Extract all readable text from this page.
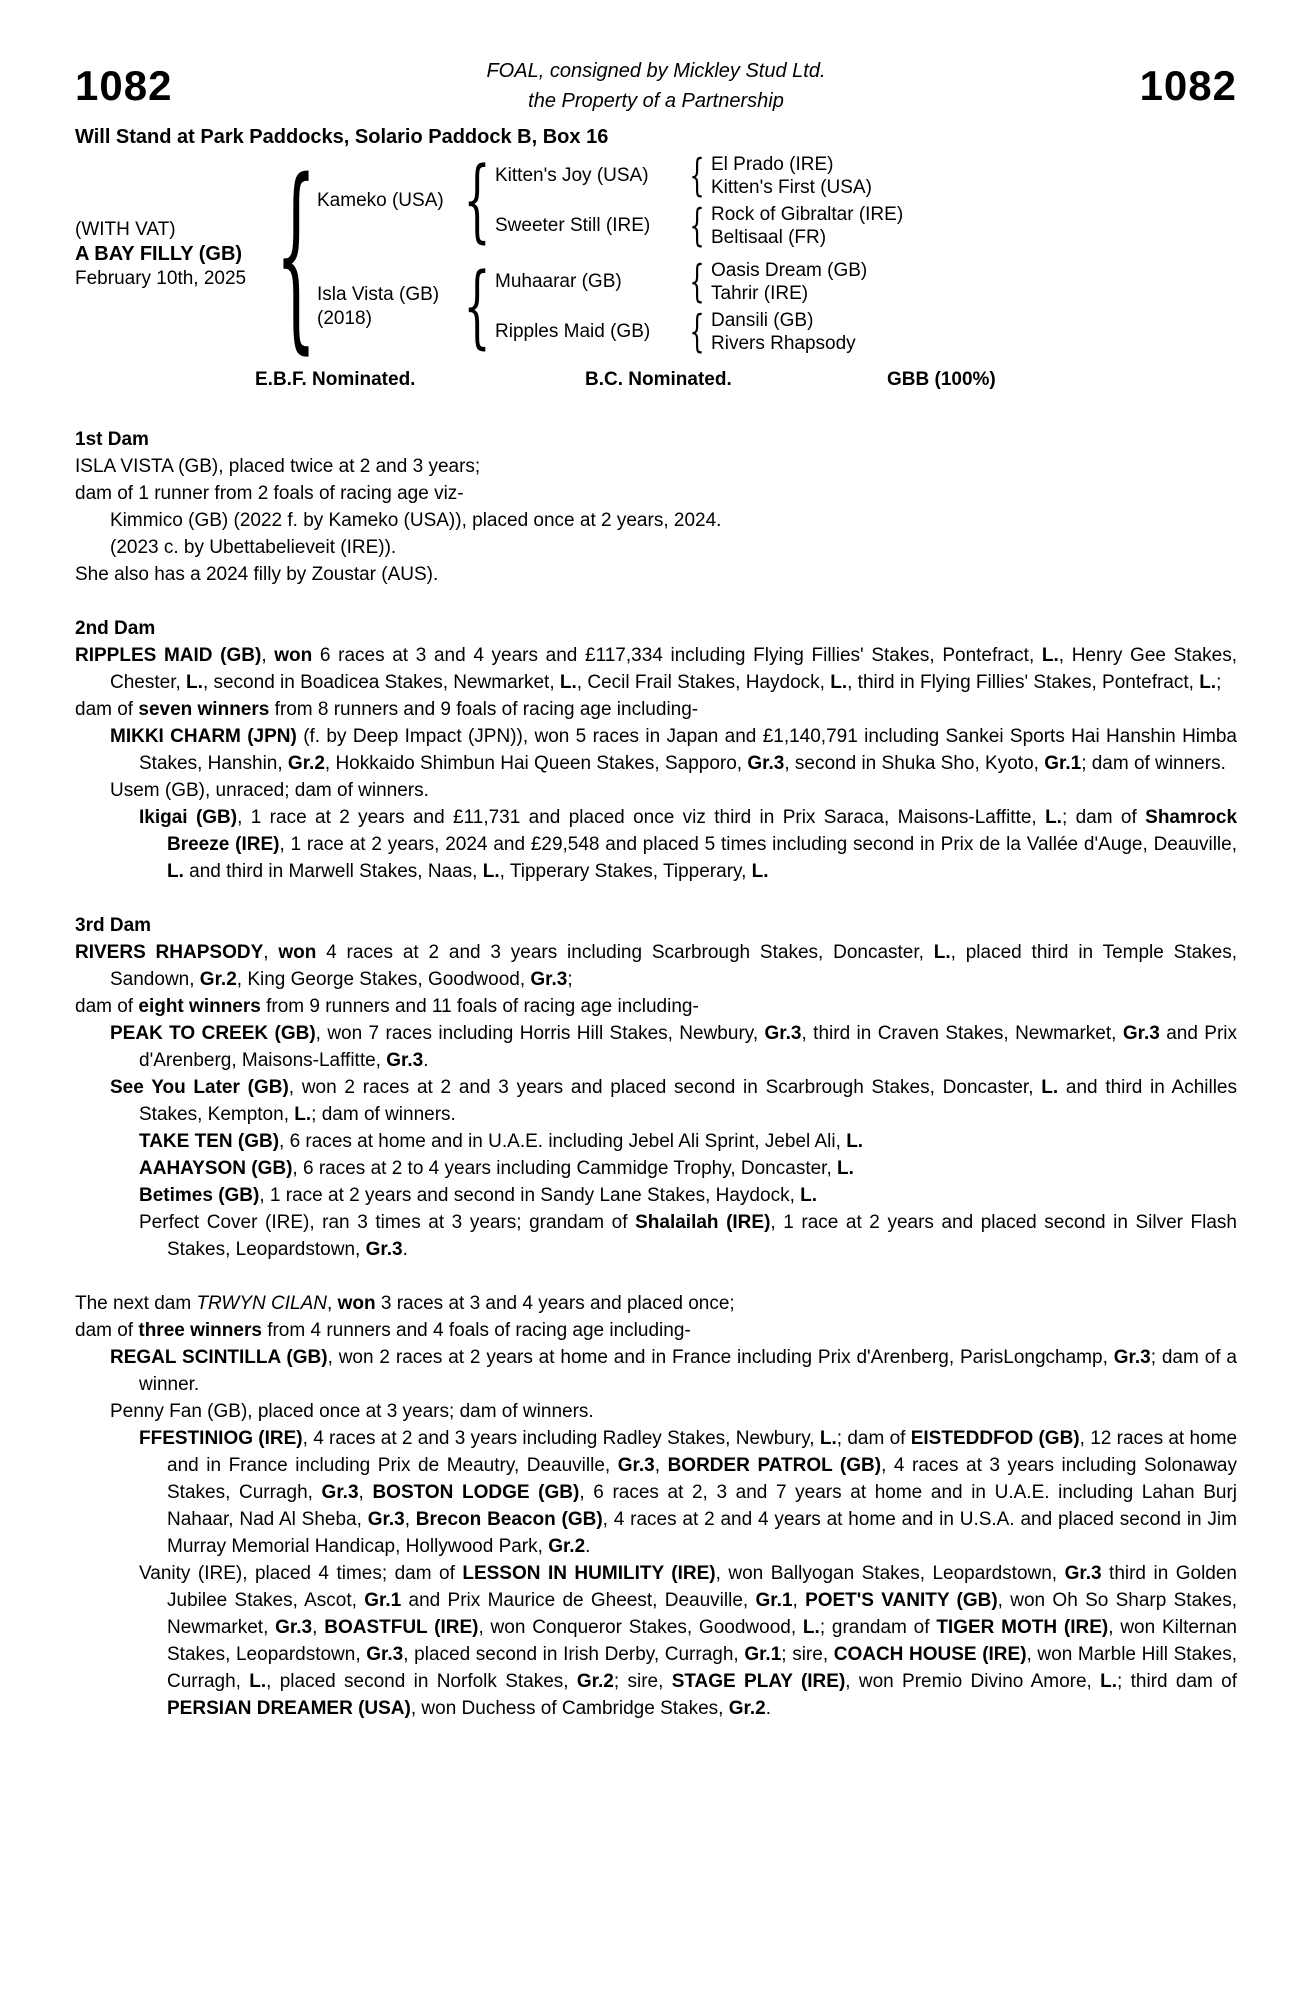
1082	FOAL, consigned by Mickley Stud Ltd.
the Property of a Partnership	1082
Will Stand at Park Paddocks, Solario Paddock B, Box 16
(WITH VAT)
A BAY FILLY (GB)
February 10th, 2025 { Kameko (USA) { Kitten's Joy (USA)	{ El Prado (IRE)
Kitten's First (USA)
Sweeter Still (IRE) { Rock of Gibraltar (IRE)
Beltisaal (FR)
Isla Vista (GB)
(2018)	{ Muhaarar (GB)	{ Oasis Dream (GB)
Tahrir (IRE)
Ripples Maid (GB) { Dansili (GB)
Rivers Rhapsody
E.B.F. Nominated.	B.C. Nominated.	GBB (100%)
1st Dam

ISLA VISTA (GB), placed twice at 2 and 3 years;

dam of 1 runner from 2 foals of racing age viz-

Kimmico (GB) (2022 f. by Kameko (USA)), placed once at 2 years, 2024.

(2023 c. by Ubettabelieveit (IRE)).

She also has a 2024 filly by Zoustar (AUS).

2nd Dam

RIPPLES MAID (GB), won 6 races at 3 and 4 years and £117,334 including Flying Fillies' Stakes, Pontefract, L., Henry Gee Stakes, Chester, L., second in Boadicea Stakes, Newmarket, L., Cecil Frail Stakes, Haydock, L., third in Flying Fillies' Stakes, Pontefract, L.;

dam of seven winners from 8 runners and 9 foals of racing age including-

MIKKI CHARM (JPN) (f. by Deep Impact (JPN)), won 5 races in Japan and £1,140,791 including Sankei Sports Hai Hanshin Himba Stakes, Hanshin, Gr.2, Hokkaido Shimbun Hai Queen Stakes, Sapporo, Gr.3, second in Shuka Sho, Kyoto, Gr.1; dam of winners.

Usem (GB), unraced; dam of winners.

Ikigai (GB), 1 race at 2 years and £11,731 and placed once viz third in Prix Saraca, Maisons-Laffitte, L.; dam of Shamrock Breeze (IRE), 1 race at 2 years, 2024 and £29,548 and placed 5 times including second in Prix de la Vallée d'Auge, Deauville, L. and third in Marwell Stakes, Naas, L., Tipperary Stakes, Tipperary, L.

3rd Dam

RIVERS RHAPSODY, won 4 races at 2 and 3 years including Scarbrough Stakes, Doncaster, L., placed third in Temple Stakes, Sandown, Gr.2, King George Stakes, Goodwood, Gr.3;

dam of eight winners from 9 runners and 11 foals of racing age including-

PEAK TO CREEK (GB), won 7 races including Horris Hill Stakes, Newbury, Gr.3, third in Craven Stakes, Newmarket, Gr.3 and Prix d'Arenberg, Maisons-Laffitte, Gr.3.

See You Later (GB), won 2 races at 2 and 3 years and placed second in Scarbrough Stakes, Doncaster, L. and third in Achilles Stakes, Kempton, L.; dam of winners.

TAKE TEN (GB), 6 races at home and in U.A.E. including Jebel Ali Sprint, Jebel Ali, L.

AAHAYSON (GB), 6 races at 2 to 4 years including Cammidge Trophy, Doncaster, L.

Betimes (GB), 1 race at 2 years and second in Sandy Lane Stakes, Haydock, L.

Perfect Cover (IRE), ran 3 times at 3 years; grandam of Shalailah (IRE), 1 race at 2 years and placed second in Silver Flash Stakes, Leopardstown, Gr.3.

The next dam TRWYN CILAN, won 3 races at 3 and 4 years and placed once;

dam of three winners from 4 runners and 4 foals of racing age including-

REGAL SCINTILLA (GB), won 2 races at 2 years at home and in France including Prix d'Arenberg, ParisLongchamp, Gr.3; dam of a winner.

Penny Fan (GB), placed once at 3 years; dam of winners.

FFESTINIOG (IRE), 4 races at 2 and 3 years including Radley Stakes, Newbury, L.; dam of EISTEDDFOD (GB), 12 races at home and in France including Prix de Meautry, Deauville, Gr.3, BORDER PATROL (GB), 4 races at 3 years including Solonaway Stakes, Curragh, Gr.3, BOSTON LODGE (GB), 6 races at 2, 3 and 7 years at home and in U.A.E. including Lahan Burj Nahaar, Nad Al Sheba, Gr.3, Brecon Beacon (GB), 4 races at 2 and 4 years at home and in U.S.A. and placed second in Jim Murray Memorial Handicap, Hollywood Park, Gr.2.

Vanity (IRE), placed 4 times; dam of LESSON IN HUMILITY (IRE), won Ballyogan Stakes, Leopardstown, Gr.3 third in Golden Jubilee Stakes, Ascot, Gr.1 and Prix Maurice de Gheest, Deauville, Gr.1, POET'S VANITY (GB), won Oh So Sharp Stakes, Newmarket, Gr.3, BOASTFUL (IRE), won Conqueror Stakes, Goodwood, L.; grandam of TIGER MOTH (IRE), won Kilternan Stakes, Leopardstown, Gr.3, placed second in Irish Derby, Curragh, Gr.1; sire, COACH HOUSE (IRE), won Marble Hill Stakes, Curragh, L., placed second in Norfolk Stakes, Gr.2; sire, STAGE PLAY (IRE), won Premio Divino Amore, L.; third dam of PERSIAN DREAMER (USA), won Duchess of Cambridge Stakes, Gr.2.
